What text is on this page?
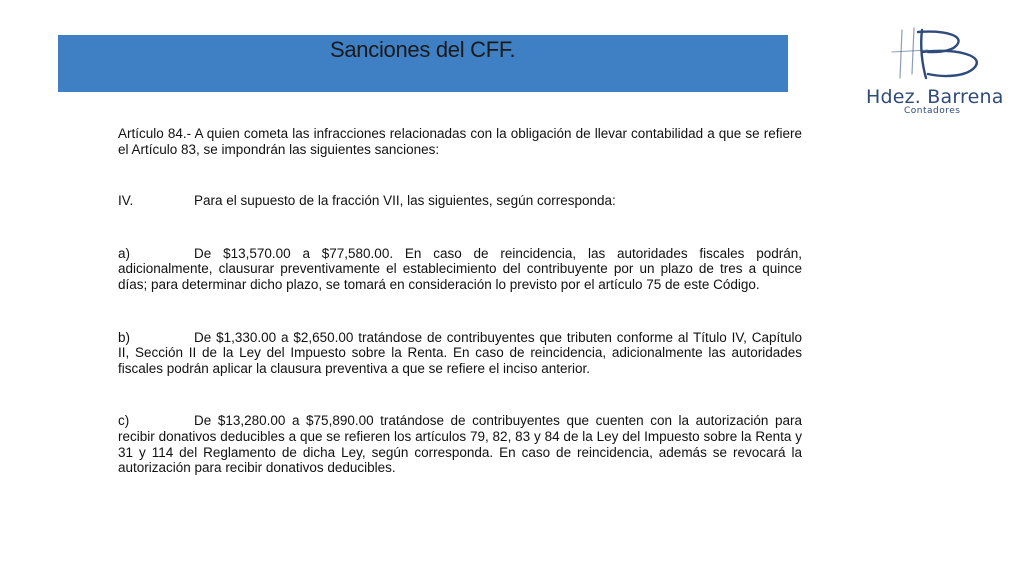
Sanciones del CFF.
Hdez. Barrena
Contadores

Artículo 84.- A quien cometa las infracciones relacionadas con la obligación de llevar contabilidad a que se refiere el Artículo 83, se impondrán las siguientes sanciones:

IV.	Para el supuesto de la fracción VII, las siguientes, según corresponda:

a)	De $13,570.00 a $77,580.00. En caso de reincidencia, las autoridades fiscales podrán, adicionalmente, clausurar preventivamente el establecimiento del contribuyente por un plazo de tres a quince días; para determinar dicho plazo, se tomará en consideración lo previsto por el artículo 75 de este Código.

b)	De $1,330.00 a $2,650.00 tratándose de contribuyentes que tributen conforme al Título IV, Capítulo II, Sección II de la Ley del Impuesto sobre la Renta. En caso de reincidencia, adicionalmente las autoridades fiscales podrán aplicar la clausura preventiva a que se refiere el inciso anterior.

c)	De $13,280.00 a $75,890.00 tratándose de contribuyentes que cuenten con la autorización para recibir donativos deducibles a que se refieren los artículos 79, 82, 83 y 84 de la Ley del Impuesto sobre la Renta y 31 y 114 del Reglamento de dicha Ley, según corresponda. En caso de reincidencia, además se revocará la autorización para recibir donativos deducibles.
